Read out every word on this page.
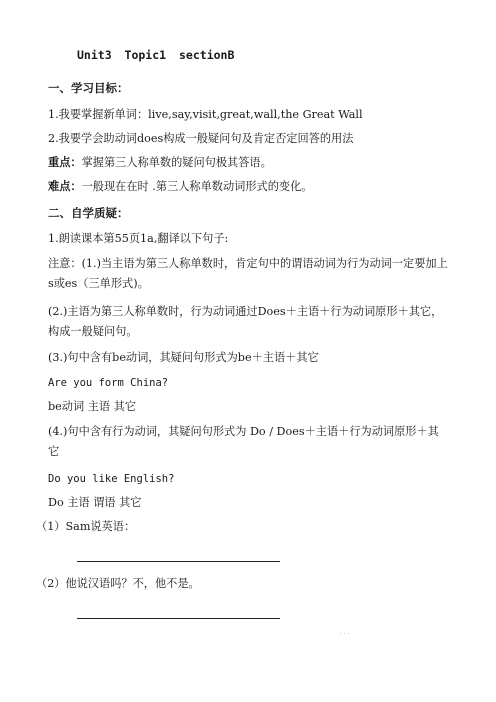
Unit3 Topic1 sectionB
一、学习目标：
1.我要掌握新单词：live,say,visit,great,wall,the Great Wall
2.我要学会助动词does构成一般疑问句及肯定否定回答的用法
重点：掌握第三人称单数的疑问句极其答语。
难点：一般现在在时 .第三人称单数动词形式的变化。
二、自学质疑：
1.朗读课本第55页1a,翻译以下句子:
注意：(1.)当主语为第三人称单数时，肯定句中的谓语动词为行为动词一定要加上s或es（三单形式)。
(2.)主语为第三人称单数时，行为动词通过Does＋主语＋行为动词原形＋其它，构成一般疑问句。
(3.)句中含有be动词，其疑问句形式为be＋主语＋其它
Are you form China?
be动词 主语 其它
(4.)句中含有行为动词，其疑问句形式为 Do / Does＋主语＋行为动词原形＋其它
Do you like English?
Do 主语 谓语 其它
（1）Sam说英语：
（2）他说汉语吗？不，他不是。
. . .
